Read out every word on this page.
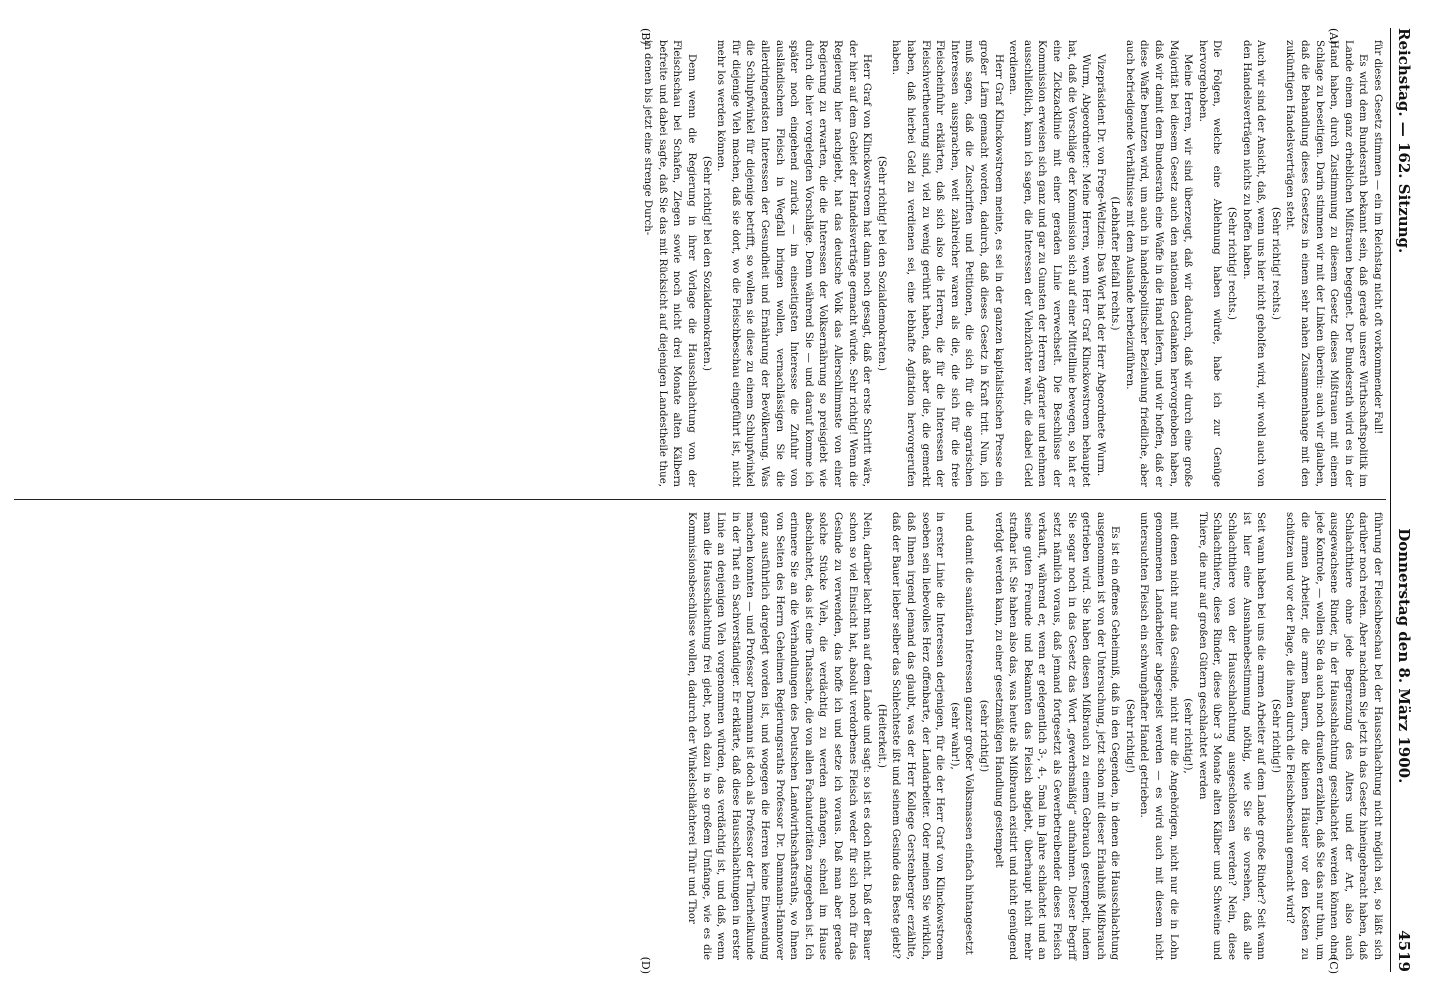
Reichstag. — 162. Sitzung.
Donnerstag den 8. März 1900.
4519
(A)
(B)
(C)
(D)

für dieses Gesetz stimmen — ein im Reichstag nicht oft vorkommender Fall!

Es wird dem Bundesrath bekannt sein, daß gerade unsere Wirthschaftspolitik im Lande einem ganz erheblichen Mißtrauen begegnet. Der Bundesrath wird es in der Hand haben, durch Zustimmung zu diesem Gesetz dieses Mißtrauen mit einem Schlage zu beseitigen. Darin stimmen wir mit der Linken überein: auch wir glauben, daß die Behandlung dieses Gesetzes in einem sehr nahen Zusammenhange mit den zukünftigen Handelsverträgen steht.

(Sehr richtig! rechts.)

Auch wir sind der Ansicht, daß, wenn uns hier nicht geholfen wird, wir wohl auch von den Handelsverträgen nichts zu hoffen haben.

(Sehr richtig! rechts.)

Die Folgen, welche eine Ablehnung haben würde, habe ich zur Genüge hervorgehoben.

Meine Herren, wir sind überzeugt, daß wir dadurch, daß wir durch eine große Majorität bei diesem Gesetz auch den nationalen Gedanken hervorgehoben haben, daß wir damit dem Bundesrath eine Waffe in die Hand liefern, und wir hoffen, daß er diese Waffe benutzen wird, um auch in handelspolitischer Beziehung friedliche, aber auch befriedigende Verhältnisse mit dem Auslande herbeizuführen.

(Lebhafter Beifall rechts.)

Vizepräsident Dr. von Frege-Weltzien: Das Wort hat der Herr Abgeordnete Wurm.

Wurm, Abgeordneter: Meine Herren, wenn Herr Graf Klinckowstroem behauptet hat, daß die Vorschläge der Kommission sich auf einer Mittellinie bewegen, so hat er eine Zickzacklinie mit einer geraden Linie verwechselt. Die Beschlüsse der Kommission erweisen sich ganz und gar zu Gunsten der Herren Agrarier und nehmen ausschließlich, kann ich sagen, die Interessen der Viehzüchter wahr, die dabei Geld verdienen.

Herr Graf Klinckowstroem meinte, es sei in der ganzen kapitalistischen Presse ein großer Lärm gemacht worden, dadurch, daß dieses Gesetz in Kraft tritt. Nun, ich muß sagen, daß die Zuschriften und Petitionen, die sich für die agrarischen Interessen aussprachen, weit zahlreicher waren als die, die sich für die freie Fleischeinfuhr erklärten, daß sich also die Herren, die für die Interessen der Fleischvertheuerung sind, viel zu wenig gerührt haben, daß aber die, die gemerkt haben, daß hierbei Geld zu verdienen sei, eine lebhafte Agitation hervorgerufen haben.

(Sehr richtig! bei den Sozialdemokraten.)

Herr Graf von Klinckowstroem hat dann noch gesagt, daß der erste Schritt wäre, der hier auf dem Gebiet der Handelsverträge gemacht würde. Sehr richtig! Wenn die Regierung hier nachgiebt, hat das deutsche Volk das Allerschlimmste von einer Regierung zu erwarten, die die Interessen der Volksernährung so preisgiebt wie durch die hier vorgelegten Vorschläge. Denn während Sie — und darauf komme ich später noch eingehend zurück — im einseitigsten Interesse die Zufuhr von ausländischem Fleisch in Wegfall bringen wollen, vernachlässigen Sie die allerdringendsten Interessen der Gesundheit und Ernährung der Bevölkerung. Was die Schlupfwinkel für diejenige betrifft, so wollen sie diese zu einem Schlupfwinkel für diejenige Vieh machen, daß sie dort, wo die Fleischbeschau eingeführt ist, nicht mehr los werden können.

(Sehr richtig! bei den Sozialdemokraten.)

Denn wenn die Regierung in ihrer Vorlage die Hausschlachtung von der Fleischschau bei Schafen, Ziegen sowie noch nicht drei Monate alten Kälbern befreite und dabei sagte, daß Sie das mit Rücksicht auf diejenigen Landestheile thue, in denen bis jetzt eine strenge Durch-

führung der Fleischbeschau bei der Hausschlachtung nicht möglich sei, so läßt sich darüber noch reden. Aber nachdem Sie jetzt in das Gesetz hineingebracht haben, daß Schlachtthiere ohne jede Begrenzung des Alters und der Art, also auch ausgewachsene Rinder, in der Hausschlachtung geschlachtet werden können ohne jede Kontrole, — wollen Sie da auch noch draußen erzählen, daß Sie das nur thun, um die armen Arbeiter, die armen Bauern, die kleinen Häusler vor den Kosten zu schützen und vor der Plage, die ihnen durch die Fleischbeschau gemacht wird?

(Sehr richtig!)

Seit wann haben bei uns die armen Arbeiter auf dem Lande große Rinder? Seit wann ist hier eine Ausnahmebestimmung nöthig, wie Sie sie vorsehen, daß alle Schlachtthiere von der Hausschlachtung ausgeschlossen werden? Nein, diese Schlachtthiere, diese Rinder, diese über 3 Monate alten Kälber und Schweine und Thiere, die nur auf großen Gütern geschlachtet werden

(sehr richtig!),

mit denen nicht nur das Gesinde, nicht nur die Angehörigen, nicht nur die in Lohn genommenen Landarbeiter abgespeist werden — es wird auch mit diesem nicht untersuchten Fleisch ein schwunghafter Handel getrieben.

(Sehr richtig!)

Es ist ein offenes Geheimniß, daß in den Gegenden, in denen die Hausschlachtung ausgenommen ist von der Untersuchung, jetzt schon mit dieser Erlaubniß Mißbrauch getrieben wird. Sie haben diesen Mißbrauch zu einem Gebrauch gestempelt, indem Sie sogar noch in das Gesetz das Wort „gewerbsmäßig“ aufnahmen. Dieser Begriff setzt nämlich voraus, daß jemand fortgesetzt als Gewerbetreibender dieses Fleisch verkauft, während er, wenn er gelegentlich 3-, 4-, 5mal im Jahre schlachtet und an seine guten Freunde und Bekannten das Fleisch abgiebt, überhaupt nicht mehr strafbar ist. Sie haben also das, was heute als Mißbrauch existirt und nicht genügend verfolgt werden kann, zu einer gesetzmäßigen Handlung gestempelt

(sehr richtig!)

und damit die sanitären Interessen ganzer großer Volksmassen einfach hintangesetzt

(sehr wahr!),

in erster Linie die Interessen derjenigen, für die der Herr Graf von Klinckowstroem soeben sein liebevolles Herz offenbarte, der Landarbeiter. Oder meinen Sie wirklich, daß Ihnen irgend jemand das glaubt, was der Herr Kollege Gerstenberger erzählte, daß der Bauer lieber selber das Schlechteste ißt und seinem Gesinde das Beste giebt?

(Heiterkeit.)

Nein, darüber lacht man auf dem Lande und sagt: so ist es doch nicht. Daß der Bauer schon so viel Einsicht hat, absolut verdorbenes Fleisch weder für sich noch für das Gesinde zu verwenden, das hoffe ich und setze ich voraus. Daß man aber gerade solche Stücke Vieh, die verdächtig zu werden anfangen, schnell im Hause abschlachtet, das ist eine Thatsache, die von allen Fachautoritäten zugegeben ist. Ich erinnere Sie an die Verhandlungen des Deutschen Landwirthschaftsraths, wo Ihnen von Seiten des Herrn Geheimen Regierungsraths Professor Dr. Dammann-Hannover ganz ausführlich dargelegt worden ist, und wogegen die Herren keine Einwendung machen konnten — und Professor Dammann ist doch als Professor der Thierheilkunde in der That ein Sachverständiger. Er erklärte, daß diese Hausschlachtungen in erster Linie an denjenigen Vieh vorgenommen würden, das verdächtig ist, und daß, wenn man die Hausschlachtung frei giebt, noch dazu in so großem Umfange, wie es die Kommissionsbeschlüsse wollen, dadurch der Winkelschlächterei Thür und Thor
